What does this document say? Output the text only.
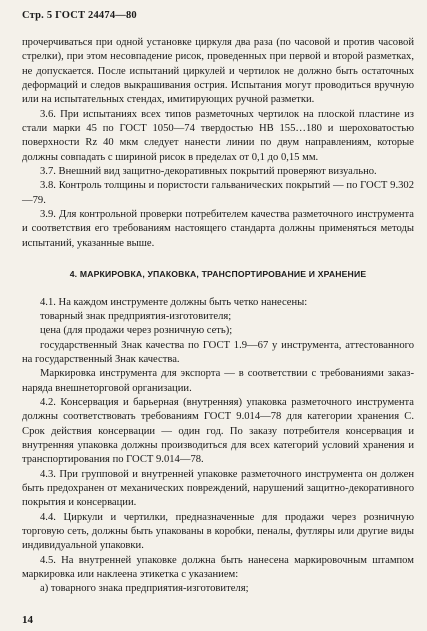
Стр. 5 ГОСТ 24474—80

прочерчиваться при одной установке циркуля два раза (по часовой и против часовой стрелки), при этом несовпадение рисок, проведенных при первой и второй разметках, не допускается. После испытаний циркулей и чертилок не должно быть остаточных деформаций и следов выкрашивания острия. Испытания могут проводиться вручную или на испытательных стендах, имитирующих ручной разметки.

3.6. При испытаниях всех типов разметочных чертилок на плоской пластине из стали марки 45 по ГОСТ 1050—74 твердостью НВ 155…180 и шероховатостью поверхности Rz 40 мкм следует нанести линии по двум направлениям, которые должны совпадать с шириной рисок в пределах от 0,1 до 0,15 мм.

3.7. Внешний вид защитно-декоративных покрытий проверяют визуально.

3.8. Контроль толщины и пористости гальванических покрытий — по ГОСТ 9.302—79.

3.9. Для контрольной проверки потребителем качества разметочного инструмента и соответствия его требованиям настоящего стандарта должны применяться методы испытаний, указанные выше.

4. МАРКИРОВКА, УПАКОВКА, ТРАНСПОРТИРОВАНИЕ И ХРАНЕНИЕ

4.1. На каждом инструменте должны быть четко нанесены:

товарный знак предприятия-изготовителя;

цена (для продажи через розничную сеть);

государственный Знак качества по ГОСТ 1.9—67 у инструмента, аттестованного на государственный Знак качества.

Маркировка инструмента для экспорта — в соответствии с требованиями заказ-наряда внешнеторговой организации.

4.2. Консервация и барьерная (внутренняя) упаковка разметочного инструмента должны соответствовать требованиям ГОСТ 9.014—78 для категории хранения С. Срок действия консервации — один год. По заказу потребителя консервация и внутренняя упаковка должны производиться для всех категорий условий хранения и транспортирования по ГОСТ 9.014—78.

4.3. При групповой и внутренней упаковке разметочного инструмента он должен быть предохранен от механических повреждений, нарушений защитно-декоративного покрытия и консервации.

4.4. Циркули и чертилки, предназначенные для продажи через розничную торговую сеть, должны быть упакованы в коробки, пеналы, футляры или другие виды индивидуальной упаковки.

4.5. На внутренней упаковке должна быть нанесена маркировочным штампом маркировка или наклеена этикетка с указанием:

а) товарного знака предприятия-изготовителя;

14
